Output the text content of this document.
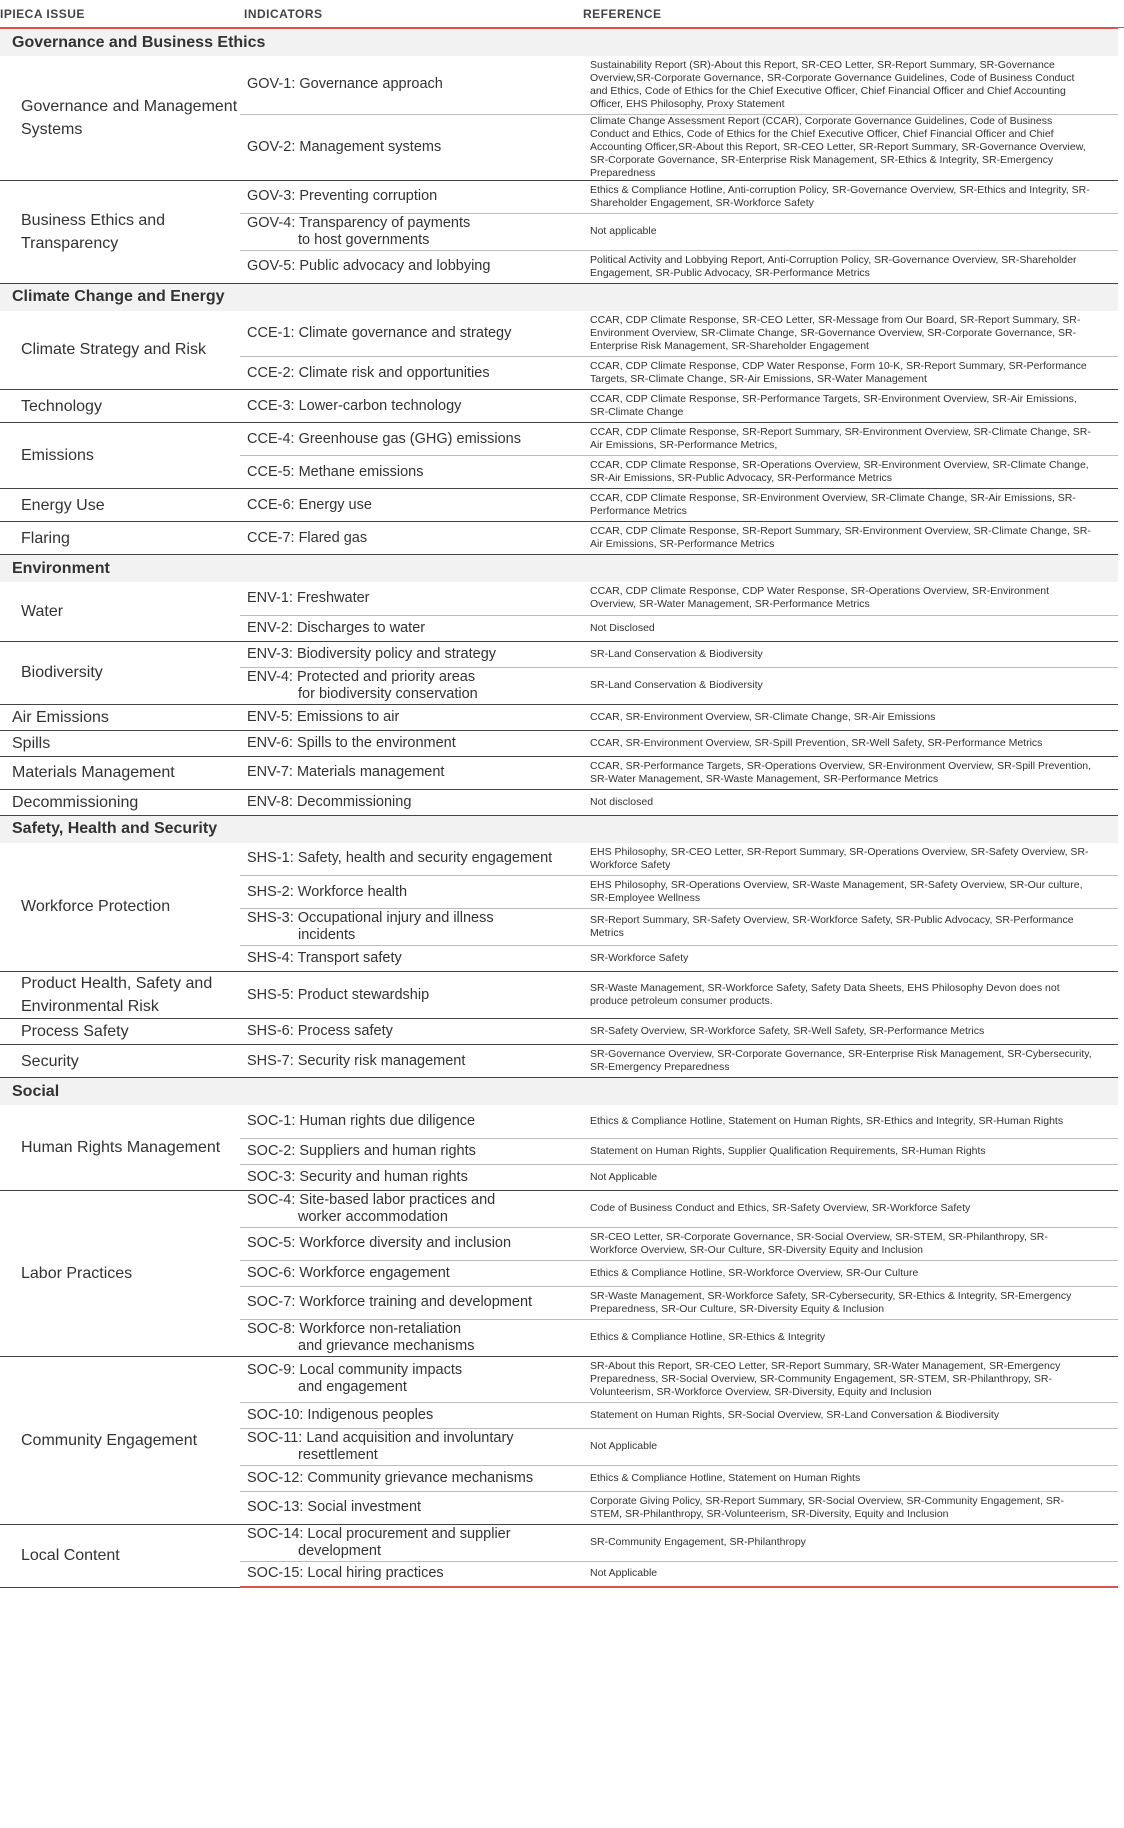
IPIECA ISSUE	INDICATORS	REFERENCE
Governance and Business Ethics		
Governance and Management Systems	GOV-1: Governance approach	Sustainability Report (SR)-About this Report, SR-CEO Letter, SR-Report Summary, SR-Governance Overview,SR-Corporate Governance, SR-Corporate Governance Guidelines, Code of Business Conduct and Ethics, Code of Ethics for the Chief Executive Officer, Chief Financial Officer and Chief Accounting Officer, EHS Philosophy, Proxy Statement
	GOV-2: Management systems	Climate Change Assessment Report (CCAR), Corporate Governance Guidelines, Code of Business Conduct and Ethics, Code of Ethics for the Chief Executive Officer, Chief Financial Officer and Chief Accounting Officer,SR-About this Report, SR-CEO Letter, SR-Report Summary, SR-Governance Overview, SR-Corporate Governance, SR-Enterprise Risk Management, SR-Ethics & Integrity, SR-Emergency Preparedness
Business Ethics and Transparency	GOV-3: Preventing corruption	Ethics & Compliance Hotline, Anti-corruption Policy, SR-Governance Overview, SR-Ethics and Integrity, SR-Shareholder Engagement, SR-Workforce Safety
	GOV-4: Transparency of payments
to host governments	Not applicable
	GOV-5: Public advocacy and lobbying	Political Activity and Lobbying Report, Anti-Corruption Policy, SR-Governance Overview, SR-Shareholder Engagement, SR-Public Advocacy, SR-Performance Metrics
Climate Change and Energy		
Climate Strategy and Risk	CCE-1: Climate governance and strategy	CCAR, CDP Climate Response, SR-CEO Letter, SR-Message from Our Board, SR-Report Summary, SR-Environment Overview, SR-Climate Change, SR-Governance Overview, SR-Corporate Governance, SR-Enterprise Risk Management, SR-Shareholder Engagement
	CCE-2: Climate risk and opportunities	CCAR, CDP Climate Response, CDP Water Response, Form 10-K, SR-Report Summary, SR-Performance Targets, SR-Climate Change, SR-Air Emissions, SR-Water Management
Technology	CCE-3: Lower-carbon technology	CCAR, CDP Climate Response, SR-Performance Targets, SR-Environment Overview, SR-Air Emissions, SR-Climate Change
Emissions	CCE-4: Greenhouse gas (GHG) emissions	CCAR, CDP Climate Response, SR-Report Summary, SR-Environment Overview, SR-Climate Change, SR-Air Emissions, SR-Performance Metrics,
	CCE-5: Methane emissions	CCAR, CDP Climate Response, SR-Operations Overview, SR-Environment Overview, SR-Climate Change, SR-Air Emissions, SR-Public Advocacy, SR-Performance Metrics
Energy Use	CCE-6: Energy use	CCAR, CDP Climate Response, SR-Environment Overview, SR-Climate Change, SR-Air Emissions, SR-Performance Metrics
Flaring	CCE-7: Flared gas	CCAR, CDP Climate Response, SR-Report Summary, SR-Environment Overview, SR-Climate Change, SR-Air Emissions, SR-Performance Metrics
Environment		
Water	ENV-1: Freshwater	CCAR, CDP Climate Response, CDP Water Response, SR-Operations Overview, SR-Environment Overview, SR-Water Management, SR-Performance Metrics
	ENV-2: Discharges to water	Not Disclosed
Biodiversity	ENV-3: Biodiversity policy and strategy	SR-Land Conservation & Biodiversity
	ENV-4: Protected and priority areas
for biodiversity conservation	SR-Land Conservation & Biodiversity
Air Emissions	ENV-5: Emissions to air	CCAR, SR-Environment Overview, SR-Climate Change, SR-Air Emissions
Spills	ENV-6: Spills to the environment	CCAR, SR-Environment Overview, SR-Spill Prevention, SR-Well Safety, SR-Performance Metrics
Materials Management	ENV-7: Materials management	CCAR, SR-Performance Targets, SR-Operations Overview, SR-Environment Overview, SR-Spill Prevention, SR-Water Management, SR-Waste Management, SR-Performance Metrics
Decommissioning	ENV-8: Decommissioning	Not disclosed
Safety, Health and Security		
Workforce Protection	SHS-1: Safety, health and security engagement	EHS Philosophy, SR-CEO Letter, SR-Report Summary, SR-Operations Overview, SR-Safety Overview, SR-Workforce Safety
	SHS-2: Workforce health	EHS Philosophy, SR-Operations Overview, SR-Waste Management, SR-Safety Overview, SR-Our culture, SR-Employee Wellness
	SHS-3: Occupational injury and illness
incidents	SR-Report Summary, SR-Safety Overview, SR-Workforce Safety, SR-Public Advocacy, SR-Performance Metrics
	SHS-4: Transport safety	SR-Workforce Safety
Product Health, Safety and Environmental Risk	SHS-5: Product stewardship	SR-Waste Management, SR-Workforce Safety, Safety Data Sheets, EHS Philosophy Devon does not produce petroleum consumer products.
Process Safety	SHS-6: Process safety	SR-Safety Overview, SR-Workforce Safety, SR-Well Safety, SR-Performance Metrics
Security	SHS-7: Security risk management	SR-Governance Overview, SR-Corporate Governance, SR-Enterprise Risk Management, SR-Cybersecurity, SR-Emergency Preparedness
Social		
Human Rights Management	SOC-1: Human rights due diligence	Ethics & Compliance Hotline, Statement on Human Rights, SR-Ethics and Integrity, SR-Human Rights
	SOC-2: Suppliers and human rights	Statement on Human Rights, Supplier Qualification Requirements, SR-Human Rights
	SOC-3: Security and human rights	Not Applicable
Labor Practices	SOC-4: Site-based labor practices and
worker accommodation	Code of Business Conduct and Ethics, SR-Safety Overview, SR-Workforce Safety
	SOC-5: Workforce diversity and inclusion	SR-CEO Letter, SR-Corporate Governance, SR-Social Overview, SR-STEM, SR-Philanthropy, SR-Workforce Overview, SR-Our Culture, SR-Diversity Equity and Inclusion
	SOC-6: Workforce engagement	Ethics & Compliance Hotline, SR-Workforce Overview, SR-Our Culture
	SOC-7: Workforce training and development	SR-Waste Management, SR-Workforce Safety, SR-Cybersecurity, SR-Ethics & Integrity, SR-Emergency Preparedness, SR-Our Culture, SR-Diversity Equity & Inclusion
	SOC-8: Workforce non-retaliation
and grievance mechanisms	Ethics & Compliance Hotline, SR-Ethics & Integrity
Community Engagement	SOC-9: Local community impacts
and engagement	SR-About this Report, SR-CEO Letter, SR-Report Summary, SR-Water Management, SR-Emergency Preparedness, SR-Social Overview, SR-Community Engagement, SR-STEM, SR-Philanthropy, SR-Volunteerism, SR-Workforce Overview, SR-Diversity, Equity and Inclusion
	SOC-10: Indigenous peoples	Statement on Human Rights, SR-Social Overview, SR-Land Conversation & Biodiversity
	SOC-11: Land acquisition and involuntary
resettlement	Not Applicable
	SOC-12: Community grievance mechanisms	Ethics & Compliance Hotline, Statement on Human Rights
	SOC-13: Social investment	Corporate Giving Policy, SR-Report Summary, SR-Social Overview, SR-Community Engagement, SR-STEM, SR-Philanthropy, SR-Volunteerism, SR-Diversity, Equity and Inclusion
Local Content	SOC-14: Local procurement and supplier
development	SR-Community Engagement, SR-Philanthropy
	SOC-15: Local hiring practices	Not Applicable
